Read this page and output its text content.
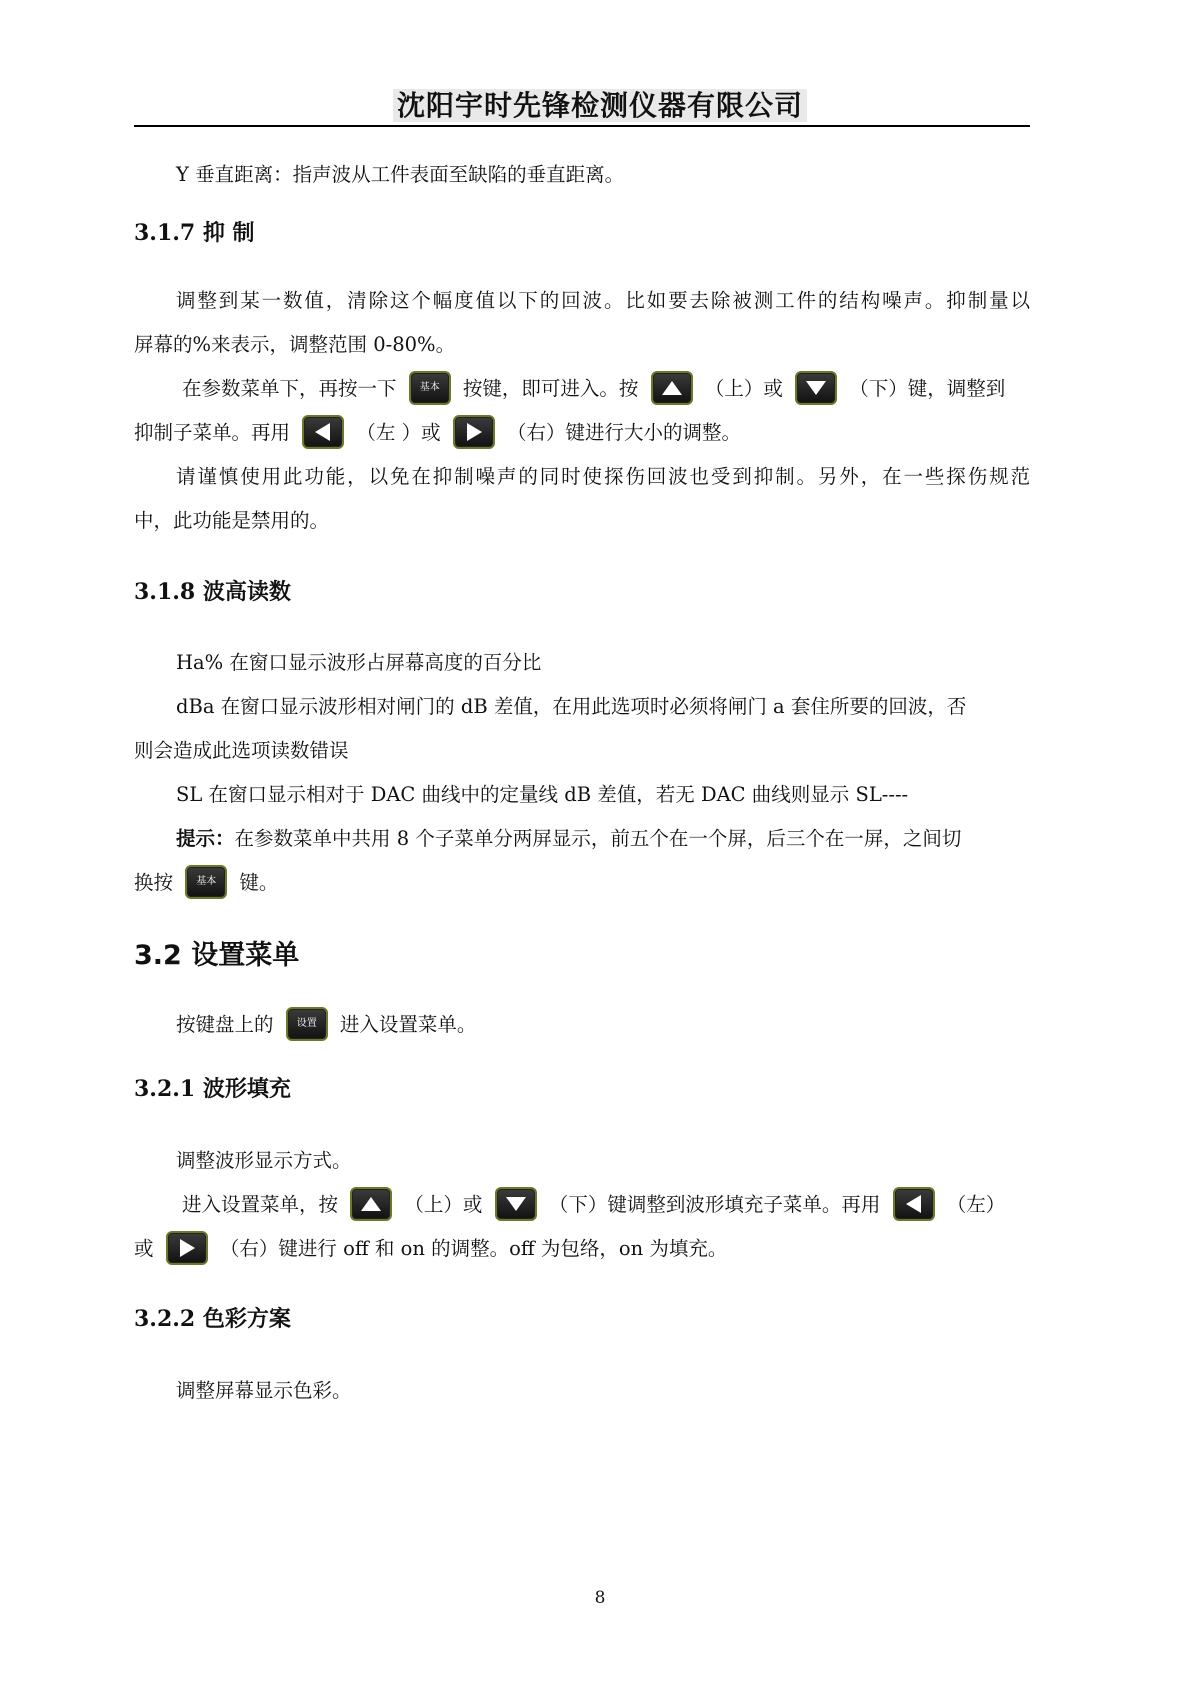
沈阳宇时先锋检测仪器有限公司
Y 垂直距离：指声波从工件表面至缺陷的垂直距离。
3.1.7 抑 制
调整到某一数值，清除这个幅度值以下的回波。比如要去除被测工件的结构噪声。抑制量以
屏幕的%来表示，调整范围 0-80%。
在参数菜单下，再按一下	基本	按键，即可进入。按	（上）或	（下）键，调整到
抑制子菜单。再用	（左 ）或	（右）键进行大小的调整。
请谨慎使用此功能，以免在抑制噪声的同时使探伤回波也受到抑制。另外，在一些探伤规范
中，此功能是禁用的。
3.1.8 波高读数
Ha% 在窗口显示波形占屏幕高度的百分比
dBa 在窗口显示波形相对闸门的 dB 差值，在用此选项时必须将闸门 a 套住所要的回波，否
则会造成此选项读数错误
SL 在窗口显示相对于 DAC 曲线中的定量线 dB 差值，若无 DAC 曲线则显示 SL----
提示：在参数菜单中共用 8 个子菜单分两屏显示，前五个在一个屏，后三个在一屏，之间切
换按	基本	键。
3.2 设置菜单
按键盘上的	设置	进入设置菜单。
3.2.1 波形填充
调整波形显示方式。
进入设置菜单，按	（上）或	（下）键调整到波形填充子菜单。再用	（左）
或	（右）键进行 off 和 on 的调整。off 为包络，on 为填充。
3.2.2 色彩方案
调整屏幕显示色彩。
8
